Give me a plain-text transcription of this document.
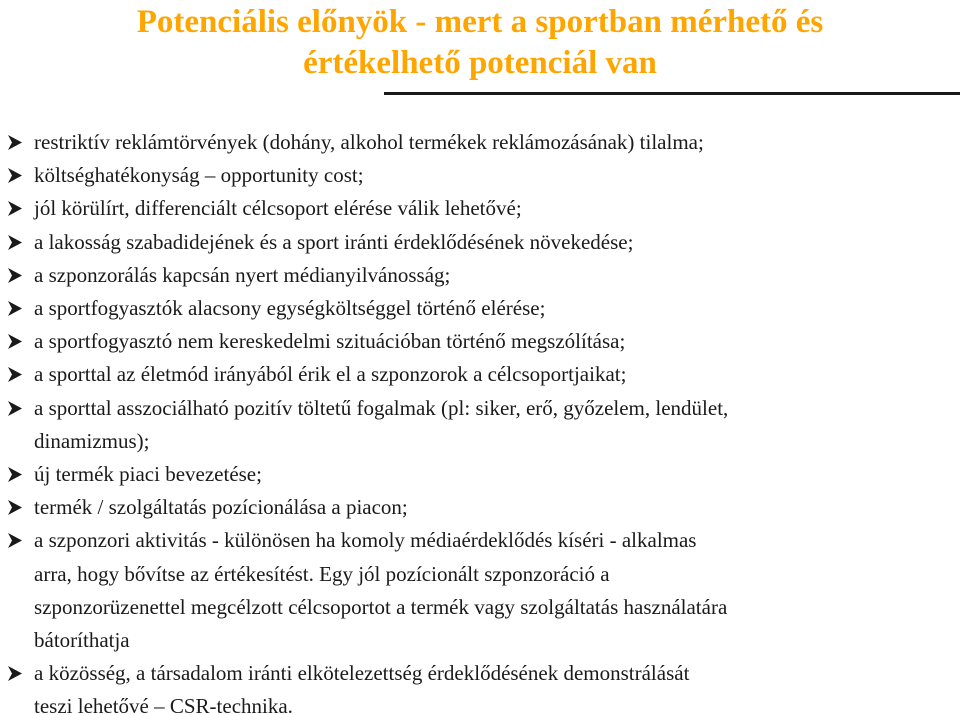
Potenciális előnyök - mert a sportban mérhető és
értékelhető potenciál van
restriktív reklámtörvények (dohány, alkohol termékek reklámozásának) tilalma;
költséghatékonyság – opportunity cost;
jól körülírt, differenciált célcsoport elérése válik lehetővé;
a lakosság szabadidejének és a sport iránti érdeklődésének növekedése;
a szponzorálás kapcsán nyert médianyilvánosság;
a sportfogyasztók alacsony egységköltséggel történő elérése;
a sportfogyasztó nem kereskedelmi szituációban történő megszólítása;
a sporttal az életmód irányából érik el a szponzorok a célcsoportjaikat;
a sporttal asszociálható pozitív töltetű fogalmak (pl: siker, erő, győzelem, lendület,
dinamizmus);
új termék piaci bevezetése;
termék / szolgáltatás pozícionálása a piacon;
a szponzori aktivitás - különösen ha komoly médiaérdeklődés kíséri - alkalmas
arra, hogy bővítse az értékesítést. Egy jól pozícionált szponzoráció a
szponzorüzenettel megcélzott célcsoportot a termék vagy szolgáltatás használatára
bátoríthatja
a közösség, a társadalom iránti elkötelezettség érdeklődésének demonstrálását
teszi lehetővé – CSR-technika.
